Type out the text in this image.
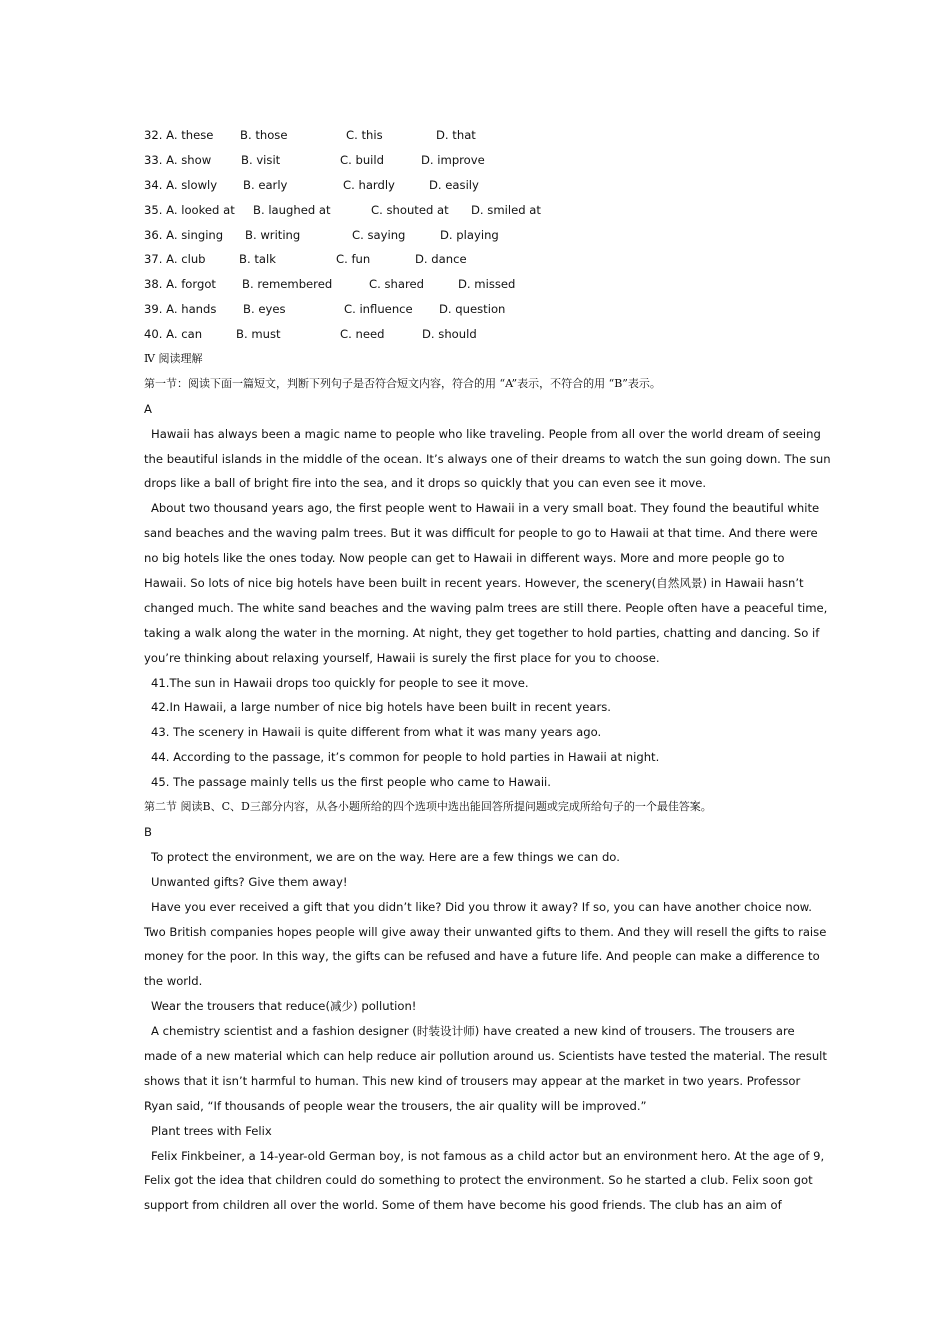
32. A. these B. those	C. this	D. that
33. A. show	B. visit	C. build	D. improve
34. A. slowly B. early	C. hardly	D. easily
35. A. looked at B. laughed at	C. shouted at D. smiled at
36. A. singing B. writing	C. saying	D. playing
37. A. club	B. talk	C. fun	D. dance
38. A. forgot B. remembered	C. shared	D. missed
39. A. hands B. eyes	C. influence D. question
40. A. can	B. must	C. need	D. should
Ⅳ 阅读理解
第一节：阅读下面一篇短文，判断下列句子是否符合短文内容，符合的用 “A”表示，不符合的用 “B”表示。
A
Hawaii has always been a magic name to people who like traveling. People from all over the world dream of seeing
the beautiful islands in the middle of the ocean. It’s always one of their dreams to watch the sun going down. The sun
drops like a ball of bright fire into the sea, and it drops so quickly that you can even see it move.
About two thousand years ago, the first people went to Hawaii in a very small boat. They found the beautiful white
sand beaches and the waving palm trees. But it was difficult for people to go to Hawaii at that time. And there were
no big hotels like the ones today. Now people can get to Hawaii in different ways. More and more people go to
Hawaii. So lots of nice big hotels have been built in recent years. However, the scenery(自然风景) in Hawaii hasn’t
changed much. The white sand beaches and the waving palm trees are still there. People often have a peaceful time,
taking a walk along the water in the morning. At night, they get together to hold parties, chatting and dancing. So if
you’re thinking about relaxing yourself, Hawaii is surely the first place for you to choose.
41.The sun in Hawaii drops too quickly for people to see it move.
42.In Hawaii, a large number of nice big hotels have been built in recent years.
43. The scenery in Hawaii is quite different from what it was many years ago.
44. According to the passage, it’s common for people to hold parties in Hawaii at night.
45. The passage mainly tells us the first people who came to Hawaii.
第二节 阅读B、C、D三部分内容，从各小题所给的四个选项中选出能回答所提问题或完成所给句子的一个最佳答案。
B
To protect the environment, we are on the way. Here are a few things we can do.
Unwanted gifts? Give them away!
Have you ever received a gift that you didn’t like? Did you throw it away? If so, you can have another choice now.
Two British companies hopes people will give away their unwanted gifts to them. And they will resell the gifts to raise
money for the poor. In this way, the gifts can be refused and have a future life. And people can make a difference to
the world.
Wear the trousers that reduce(减少) pollution!
A chemistry scientist and a fashion designer (时装设计师) have created a new kind of trousers. The trousers are
made of a new material which can help reduce air pollution around us. Scientists have tested the material. The result
shows that it isn’t harmful to human. This new kind of trousers may appear at the market in two years. Professor
Ryan said, “If thousands of people wear the trousers, the air quality will be improved.”
Plant trees with Felix
Felix Finkbeiner, a 14-year-old German boy, is not famous as a child actor but an environment hero. At the age of 9,
Felix got the idea that children could do something to protect the environment. So he started a club. Felix soon got
support from children all over the world. Some of them have become his good friends. The club has an aim of
